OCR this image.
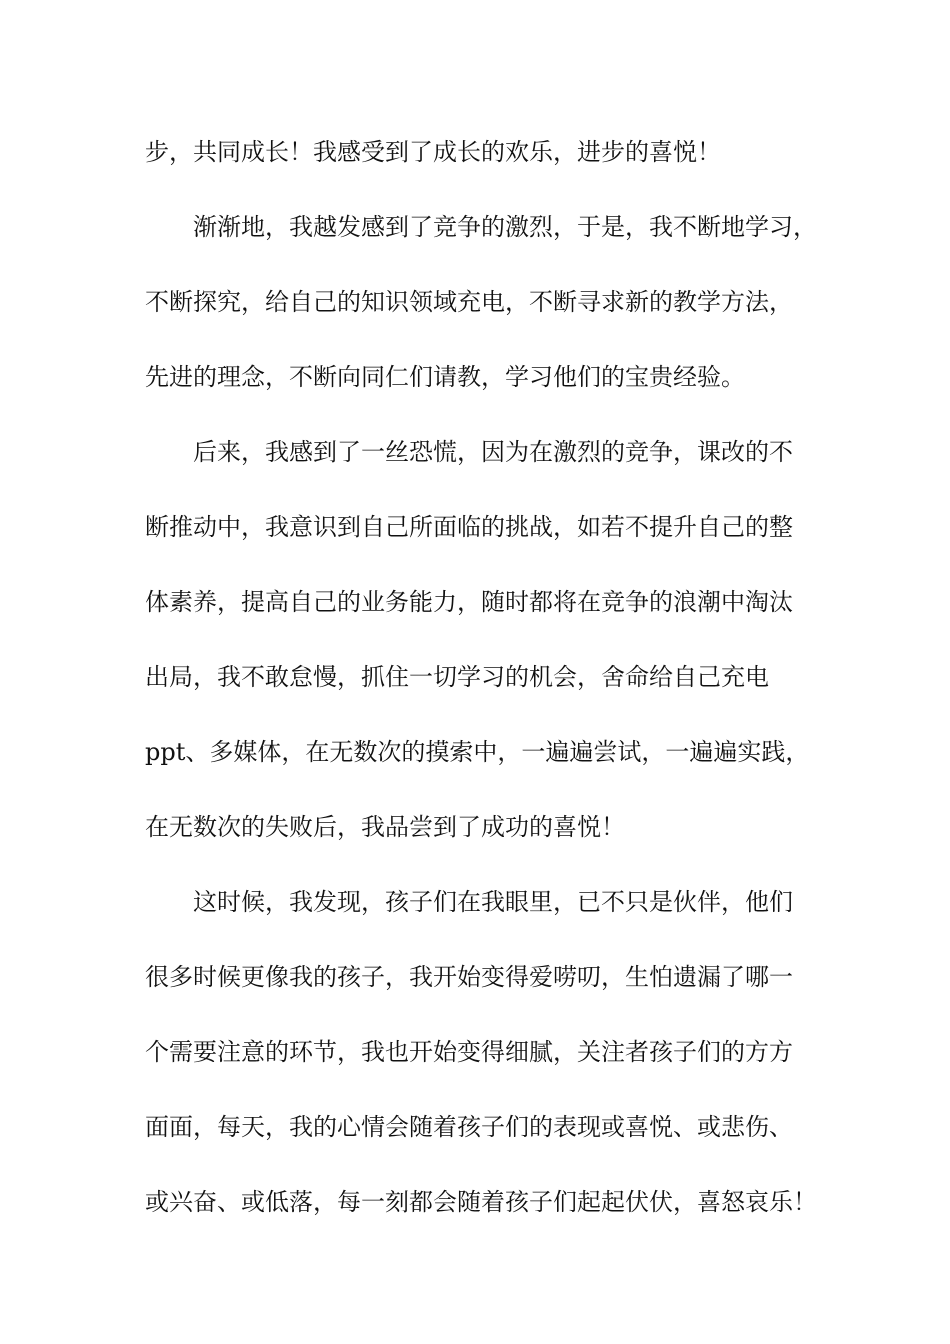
步，共同成长！我感受到了成长的欢乐，进步的喜悦！
渐渐地，我越发感到了竞争的激烈，于是，我不断地学习，
不断探究，给自己的知识领域充电，不断寻求新的教学方法，
先进的理念，不断向同仁们请教，学习他们的宝贵经验。
后来，我感到了一丝恐慌，因为在激烈的竞争，课改的不
断推动中，我意识到自己所面临的挑战，如若不提升自己的整
体素养，提高自己的业务能力，随时都将在竞争的浪潮中淘汰
出局，我不敢怠慢，抓住一切学习的机会，舍命给自己充电
ppt、多媒体，在无数次的摸索中，一遍遍尝试，一遍遍实践，
在无数次的失败后，我品尝到了成功的喜悦！
这时候，我发现，孩子们在我眼里，已不只是伙伴，他们
很多时候更像我的孩子，我开始变得爱唠叨，生怕遗漏了哪一
个需要注意的环节，我也开始变得细腻，关注者孩子们的方方
面面，每天，我的心情会随着孩子们的表现或喜悦、或悲伤、
或兴奋、或低落，每一刻都会随着孩子们起起伏伏，喜怒哀乐！
